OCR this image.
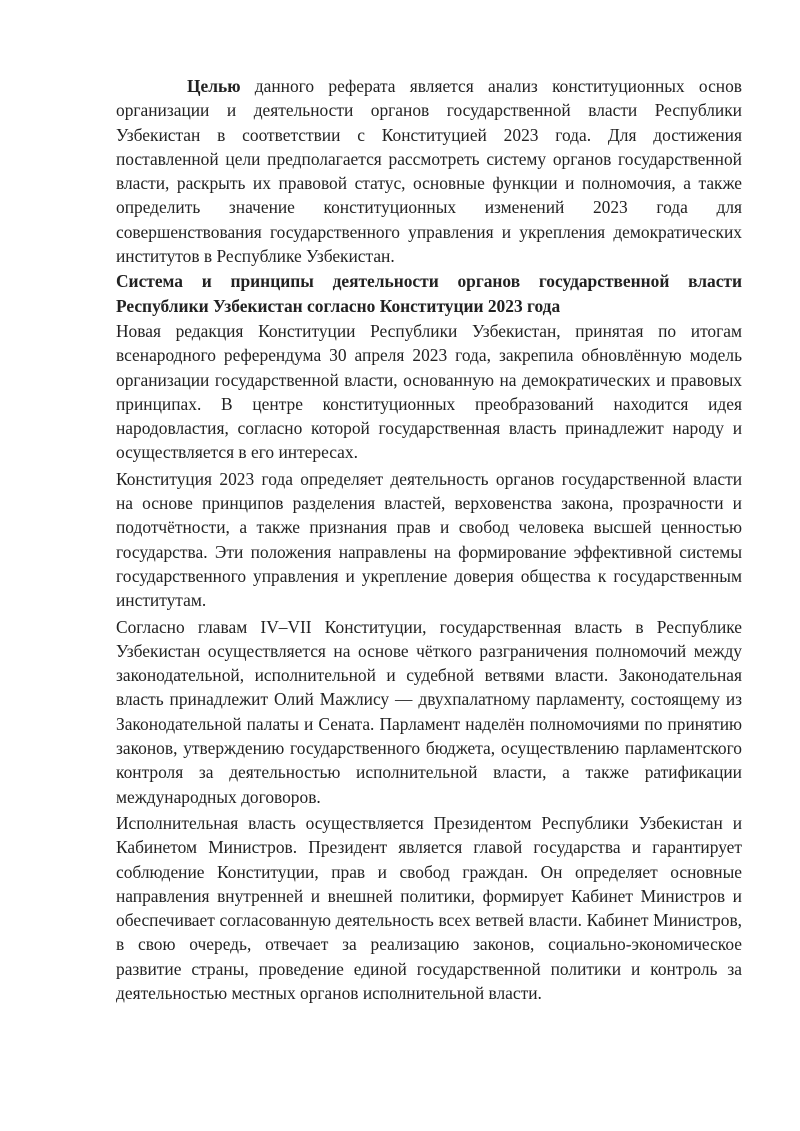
Целью данного реферата является анализ конституционных основ организации и деятельности органов государственной власти Республики Узбекистан в соответствии с Конституцией 2023 года. Для достижения поставленной цели предполагается рассмотреть систему органов государственной власти, раскрыть их правовой статус, основные функции и полномочия, а также определить значение конституционных изменений 2023 года для совершенствования государственного управления и укрепления демократических институтов в Республике Узбекистан.

Система и принципы деятельности органов государственной власти Республики Узбекистан согласно Конституции 2023 года

Новая редакция Конституции Республики Узбекистан, принятая по итогам всенародного референдума 30 апреля 2023 года, закрепила обновлённую модель организации государственной власти, основанную на демократических и правовых принципах. В центре конституционных преобразований находится идея народовластия, согласно которой государственная власть принадлежит народу и осуществляется в его интересах.

Конституция 2023 года определяет деятельность органов государственной власти на основе принципов разделения властей, верховенства закона, прозрачности и подотчётности, а также признания прав и свобод человека высшей ценностью государства. Эти положения направлены на формирование эффективной системы государственного управления и укрепление доверия общества к государственным институтам.

Согласно главам IV–VII Конституции, государственная власть в Республике Узбекистан осуществляется на основе чёткого разграничения полномочий между законодательной, исполнительной и судебной ветвями власти. Законодательная власть принадлежит Олий Мажлису — двухпалатному парламенту, состоящему из Законодательной палаты и Сената. Парламент наделён полномочиями по принятию законов, утверждению государственного бюджета, осуществлению парламентского контроля за деятельностью исполнительной власти, а также ратификации международных договоров.

Исполнительная власть осуществляется Президентом Республики Узбекистан и Кабинетом Министров. Президент является главой государства и гарантирует соблюдение Конституции, прав и свобод граждан. Он определяет основные направления внутренней и внешней политики, формирует Кабинет Министров и обеспечивает согласованную деятельность всех ветвей власти. Кабинет Министров, в свою очередь, отвечает за реализацию законов, социально-экономическое развитие страны, проведение единой государственной политики и контроль за деятельностью местных органов исполнительной власти.
